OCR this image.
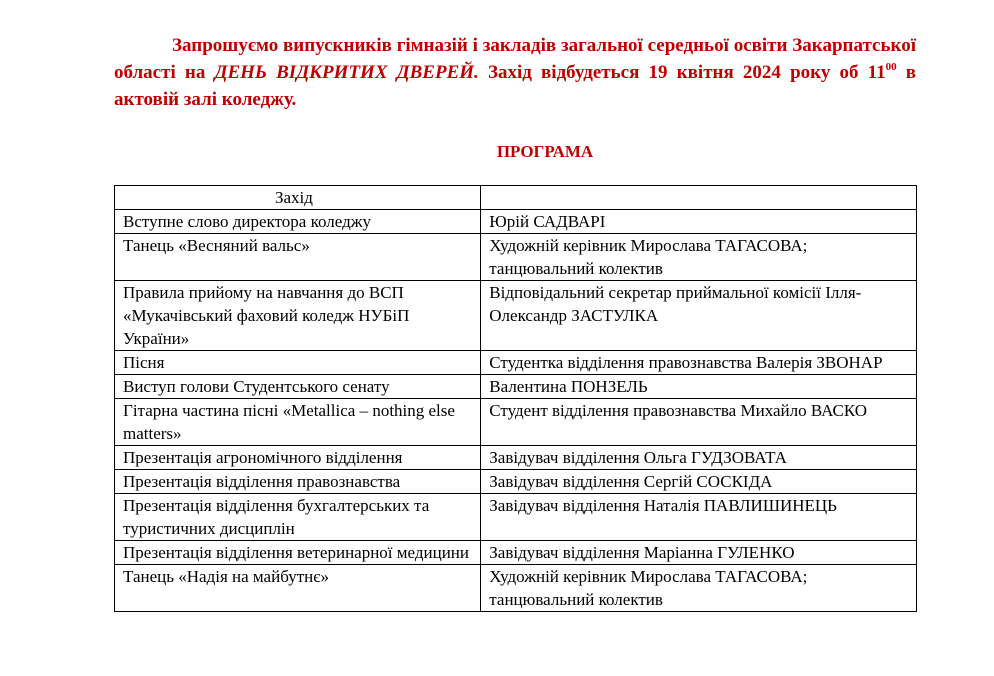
Запрошуємо випускників гімназій і закладів загальної середньої освіти Закарпатської області на ДЕНЬ ВІДКРИТИХ ДВЕРЕЙ. Захід відбудеться 19 квітня 2024 року об $11^{00}$ в актовій залі коледжу.

ПРОГРАМА

Захід	
Вступне слово директора коледжу	Юрій САДВАРІ
Танець «Весняний вальс»	Художній керівник Мирослава ТАГАСОВА; танцювальний колектив
Правила прийому на навчання до ВСП «Мукачівський фаховий коледж НУБіП України»	Відповідальний секретар приймальної комісії Ілля-Олександр ЗАСТУЛКА
Пісня	Студентка відділення правознавства Валерія ЗВОНАР
Виступ голови Студентського сенату	Валентина ПОНЗЕЛЬ
Гітарна частина пісні «Metallica – nothing else matters»	Студент відділення правознавства Михайло ВАСКО
Презентація агрономічного відділення	Завідувач відділення Ольга ГУДЗОВАТА
Презентація відділення правознавства	Завідувач відділення Сергій СОСКІДА
Презентація відділення бухгалтерських та туристичних дисциплін	Завідувач відділення Наталія ПАВЛИШИНЕЦЬ
Презентація відділення ветеринарної медицини	Завідувач відділення Маріанна ГУЛЕНКО
Танець «Надія на майбутнє»	Художній керівник Мирослава ТАГАСОВА; танцювальний колектив
